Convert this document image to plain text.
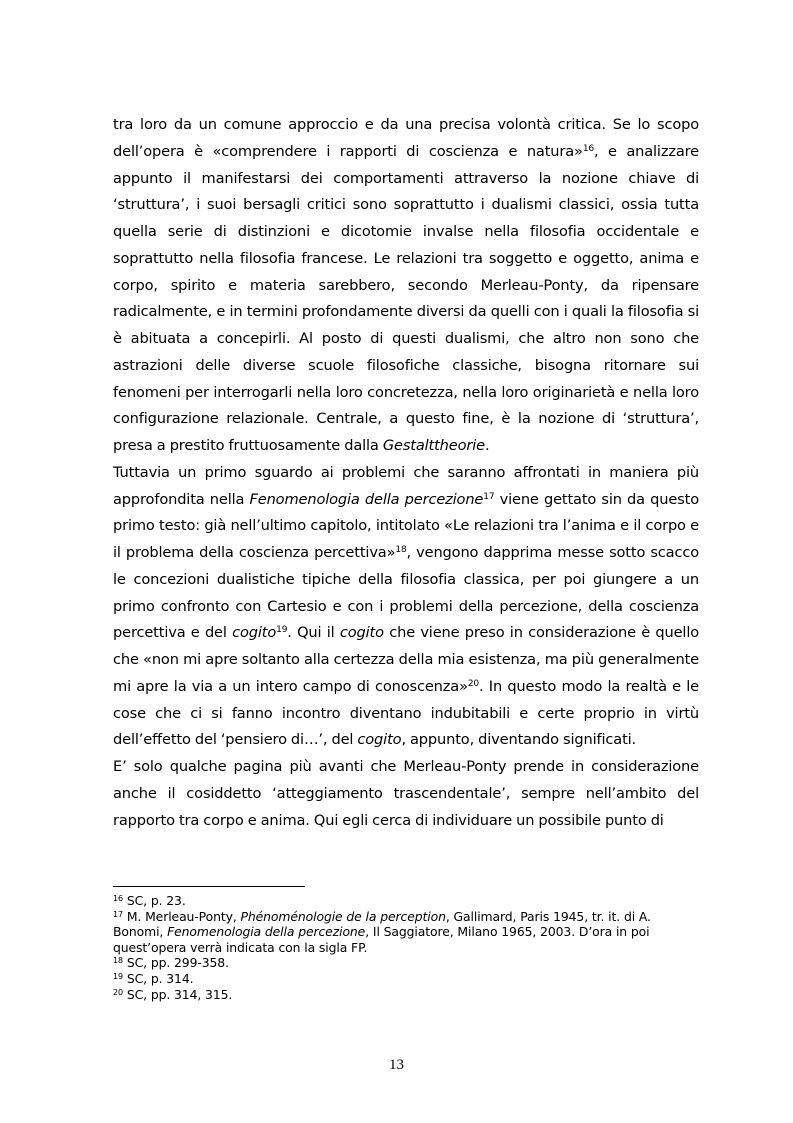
tra loro da un comune approccio e da una precisa volontà critica. Se lo scopo dell’opera è «comprendere i rapporti di coscienza e natura»$^{16}$, e analizzare appunto il manifestarsi dei comportamenti attraverso la nozione chiave di ‘struttura’, i suoi bersagli critici sono soprattutto i dualismi classici, ossia tutta quella serie di distinzioni e dicotomie invalse nella filosofia occidentale e soprattutto nella filosofia francese. Le relazioni tra soggetto e oggetto, anima e corpo, spirito e materia sarebbero, secondo Merleau-Ponty, da ripensare radicalmente, e in termini profondamente diversi da quelli con i quali la filosofia si è abituata a concepirli. Al posto di questi dualismi, che altro non sono che astrazioni delle diverse scuole filosofiche classiche, bisogna ritornare sui fenomeni per interrogarli nella loro concretezza, nella loro originarietà e nella loro configurazione relazionale. Centrale, a questo fine, è la nozione di ‘struttura’, presa a prestito fruttuosamente dalla Gestalttheorie.

Tuttavia un primo sguardo ai problemi che saranno affrontati in maniera più approfondita nella Fenomenologia della percezione$^{17}$ viene gettato sin da questo primo testo: già nell’ultimo capitolo, intitolato «Le relazioni tra l’anima e il corpo e il problema della coscienza percettiva»$^{18}$, vengono dapprima messe sotto scacco le concezioni dualistiche tipiche della filosofia classica, per poi giungere a un primo confronto con Cartesio e con i problemi della percezione, della coscienza percettiva e del cogito$^{19}$. Qui il cogito che viene preso in considerazione è quello che «non mi apre soltanto alla certezza della mia esistenza, ma più generalmente mi apre la via a un intero campo di conoscenza»$^{20}$. In questo modo la realtà e le cose che ci si fanno incontro diventano indubitabili e certe proprio in virtù dell’effetto del ‘pensiero di…’, del cogito, appunto, diventando significati.

E’ solo qualche pagina più avanti che Merleau-Ponty prende in considerazione anche il cosiddetto ‘atteggiamento trascendentale’, sempre nell’ambito del rapporto tra corpo e anima. Qui egli cerca di individuare un possibile punto di

$^{16}$ SC, p. 23.

$^{17}$ M. Merleau-Ponty, Phénoménologie de la perception, Gallimard, Paris 1945, tr. it. di A. Bonomi, Fenomenologia della percezione, Il Saggiatore, Milano 1965, 2003. D’ora in poi quest’opera verrà indicata con la sigla FP.

$^{18}$ SC, pp. 299-358.

$^{19}$ SC, p. 314.

$^{20}$ SC, pp. 314, 315.

13
